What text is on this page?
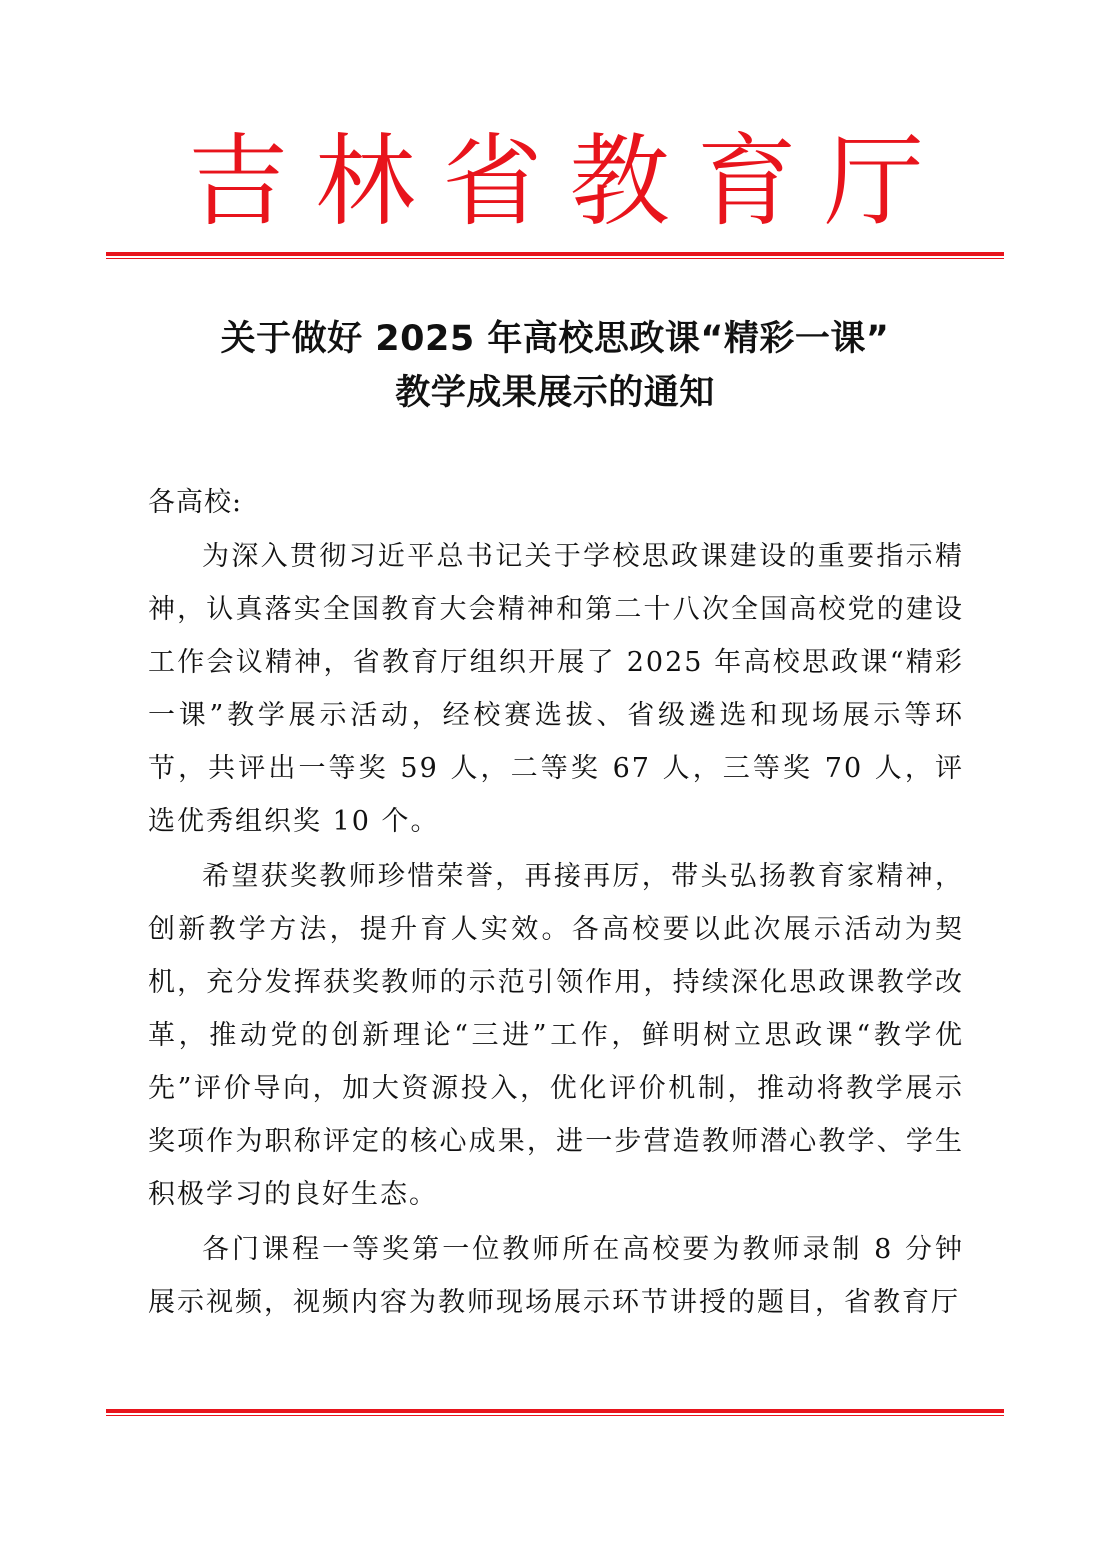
吉 林 省 教 育 厅
关于做好 2025 年高校思政课“精彩一课”
教学成果展示的通知
各高校:

为深入贯彻习近平总书记关于学校思政课建设的重要指示精神，认真落实全国教育大会精神和第二十八次全国高校党的建设工作会议精神，省教育厅组织开展了 2025 年高校思政课“精彩一课”教学展示活动，经校赛选拔、省级遴选和现场展示等环节，共评出一等奖 59 人，二等奖 67 人，三等奖 70 人，评选优秀组织奖 10 个。

希望获奖教师珍惜荣誉，再接再厉，带头弘扬教育家精神，创新教学方法，提升育人实效。各高校要以此次展示活动为契机，充分发挥获奖教师的示范引领作用，持续深化思政课教学改革，推动党的创新理论“三进”工作，鲜明树立思政课“教学优先”评价导向，加大资源投入，优化评价机制，推动将教学展示奖项作为职称评定的核心成果，进一步营造教师潜心教学、学生积极学习的良好生态。

各门课程一等奖第一位教师所在高校要为教师录制 8 分钟展示视频，视频内容为教师现场展示环节讲授的题目，省教育厅
